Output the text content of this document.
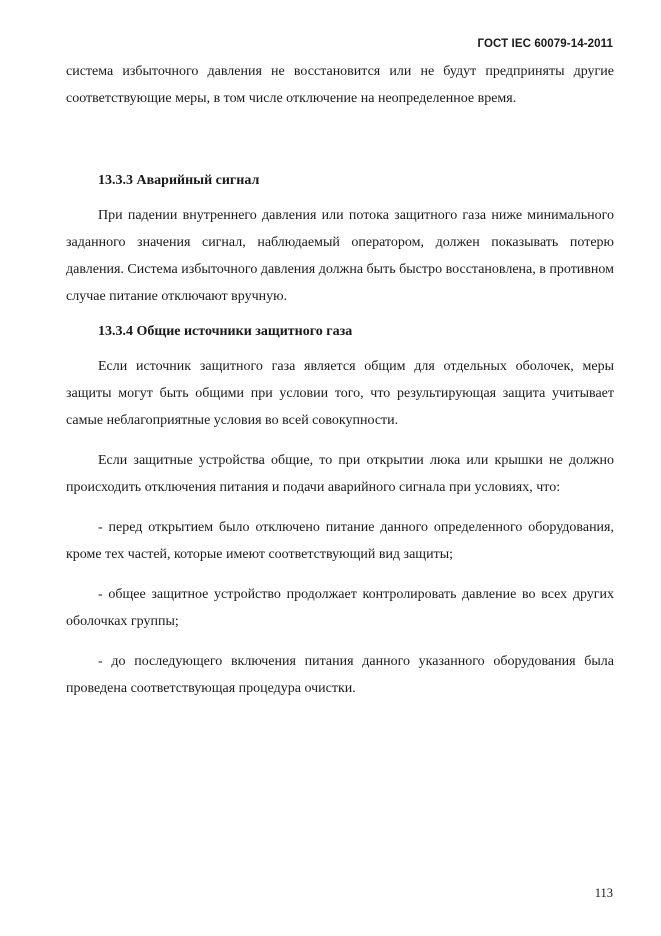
ГОСТ IEC 60079-14-2011

система избыточного давления не восстановится или не будут предприняты другие соответствующие меры, в том числе отключение на неопределенное время.

13.3.3 Аварийный сигнал

При падении внутреннего давления или потока защитного газа ниже минимального заданного значения сигнал, наблюдаемый оператором, должен показывать потерю давления. Система избыточного давления должна быть быстро восстановлена, в противном случае питание отключают вручную.

13.3.4 Общие источники защитного газа

Если источник защитного газа является общим для отдельных оболочек, меры защиты могут быть общими при условии того, что результирующая защита учитывает самые неблагоприятные условия во всей совокупности.

Если защитные устройства общие, то при открытии люка или крышки не должно происходить отключения питания и подачи аварийного сигнала при условиях, что:

- перед открытием было отключено питание данного определенного оборудования, кроме тех частей, которые имеют соответствующий вид защиты;

- общее защитное устройство продолжает контролировать давление во всех других оболочках группы;

- до последующего включения питания данного указанного оборудования была проведена соответствующая процедура очистки.

113
